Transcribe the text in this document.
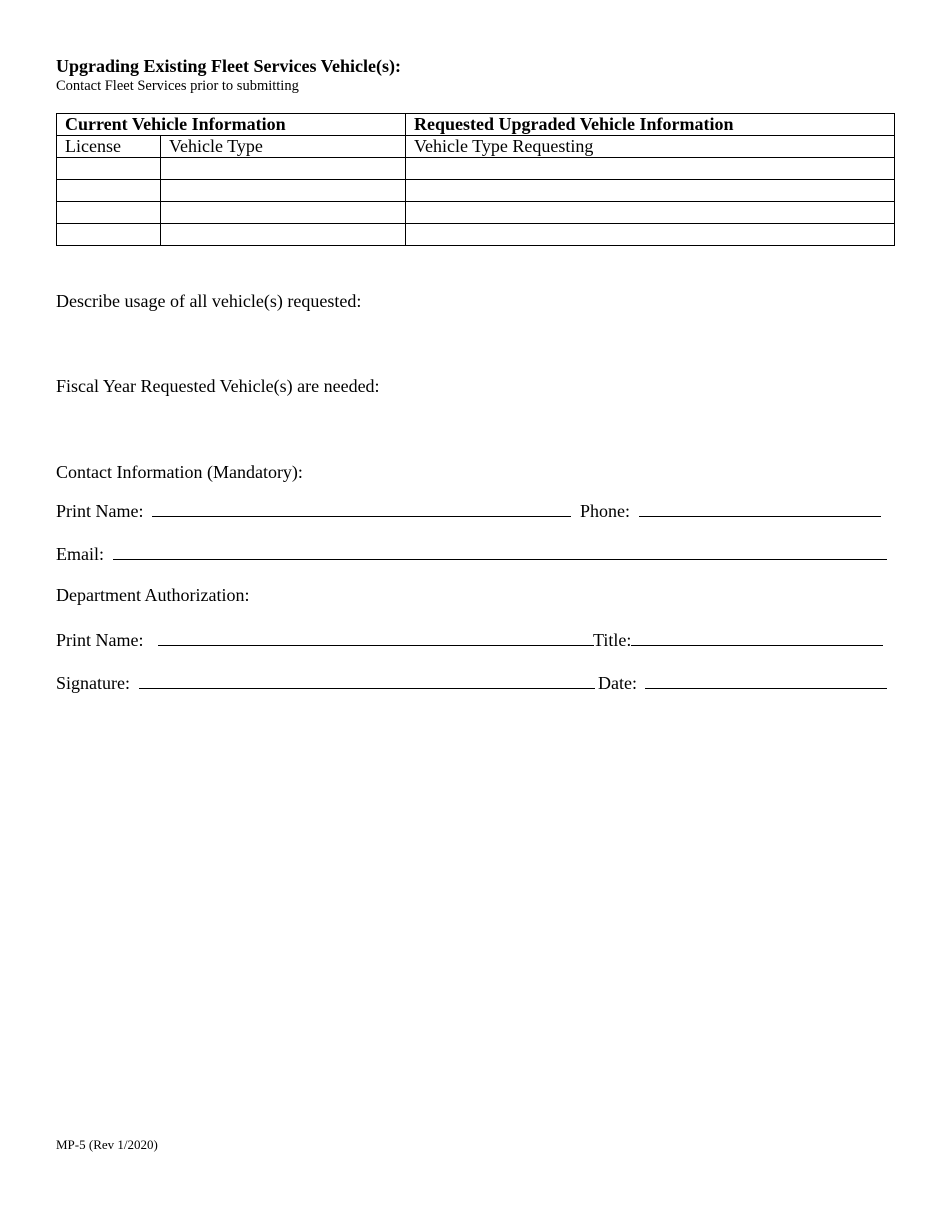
Upgrading Existing Fleet Services Vehicle(s):
Contact Fleet Services prior to submitting
Current Vehicle Information		Requested Upgraded Vehicle Information
License	Vehicle Type	Vehicle Type Requesting

Describe usage of all vehicle(s) requested:
Fiscal Year Requested Vehicle(s) are needed:
Contact Information (Mandatory):
Print Name:	Phone:
Email:
Department Authorization:
Print Name:	Title:
Signature:	Date:
MP-5 (Rev 1/2020)
